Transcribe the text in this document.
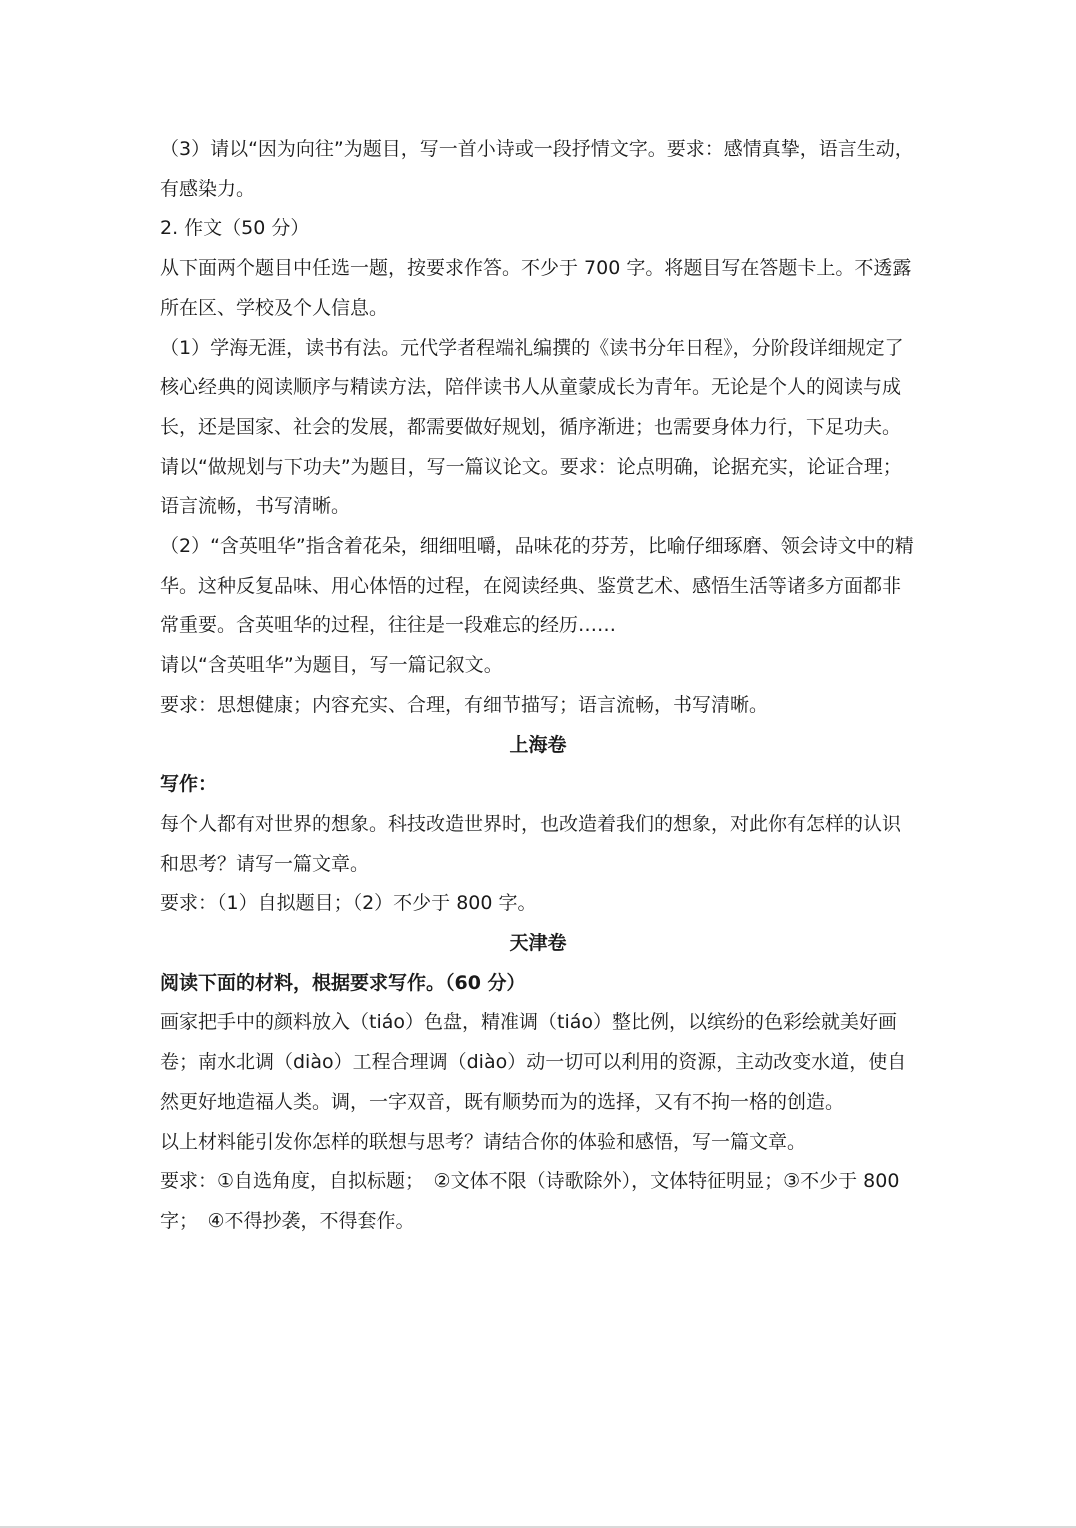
（3）请以“因为向往”为题目，写一首小诗或一段抒情文字。要求：感情真挚，语言生动，有感染力。

2. 作文（50 分）

从下面两个题目中任选一题，按要求作答。不少于 700 字。将题目写在答题卡上。不透露所在区、学校及个人信息。

（1）学海无涯，读书有法。元代学者程端礼编撰的《读书分年日程》，分阶段详细规定了核心经典的阅读顺序与精读方法，陪伴读书人从童蒙成长为青年。无论是个人的阅读与成长，还是国家、社会的发展，都需要做好规划，循序渐进；也需要身体力行，下足功夫。

请以“做规划与下功夫”为题目，写一篇议论文。要求：论点明确，论据充实，论证合理；语言流畅，书写清晰。

（2）“含英咀华”指含着花朵，细细咀嚼，品味花的芬芳，比喻仔细琢磨、领会诗文中的精华。这种反复品味、用心体悟的过程，在阅读经典、鉴赏艺术、感悟生活等诸多方面都非常重要。含英咀华的过程，往往是一段难忘的经历……

请以“含英咀华”为题目，写一篇记叙文。

要求：思想健康；内容充实、合理，有细节描写；语言流畅，书写清晰。

上海卷

写作：

每个人都有对世界的想象。科技改造世界时，也改造着我们的想象，对此你有怎样的认识和思考？请写一篇文章。

要求：（1）自拟题目；（2）不少于 800 字。

天津卷

阅读下面的材料，根据要求写作。（60 分）

画家把手中的颜料放入（tiáo）色盘，精准调（tiáo）整比例，以缤纷的色彩绘就美好画卷；南水北调（diào）工程合理调（diào）动一切可以利用的资源，主动改变水道，使自然更好地造福人类。调，一字双音，既有顺势而为的选择，又有不拘一格的创造。

以上材料能引发你怎样的联想与思考？请结合你的体验和感悟，写一篇文章。

要求：①自选角度，自拟标题；　②文体不限（诗歌除外），文体特征明显；③不少于 800 字；　④不得抄袭，不得套作。
